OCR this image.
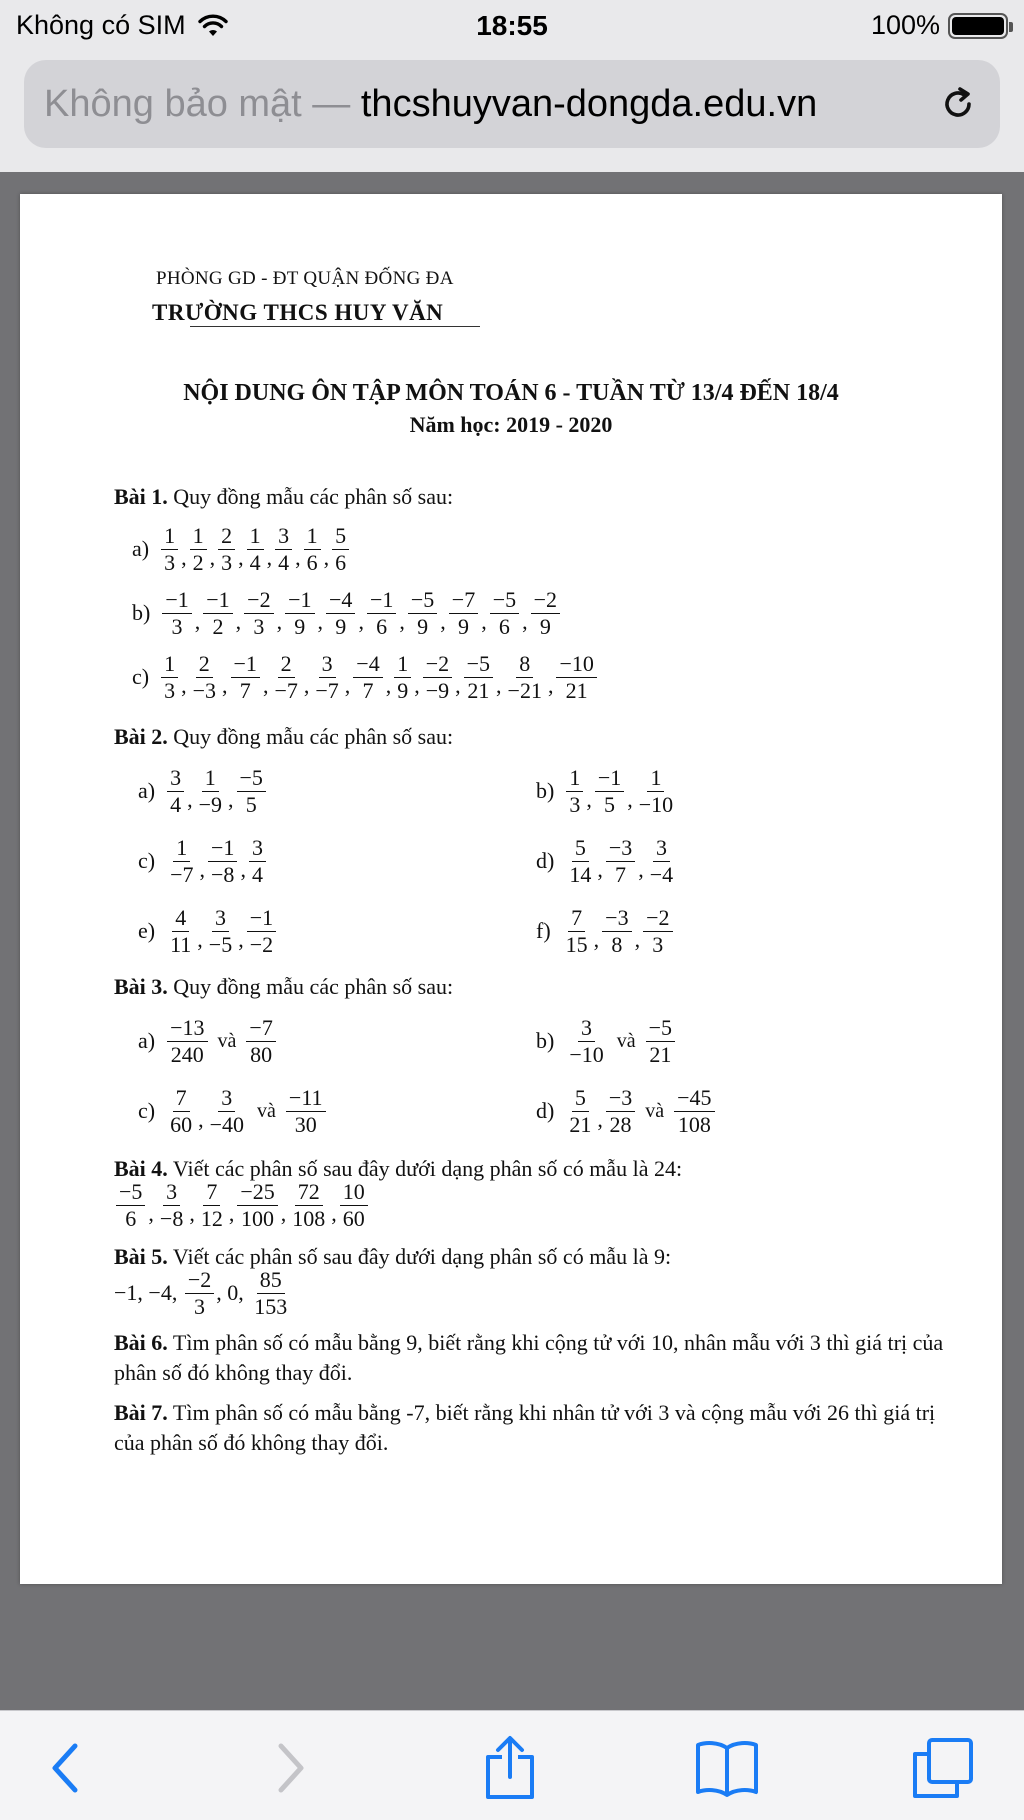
Không có SIM	18:55	100%
Không bảo mật — thcshuyvan-dongda.edu.vn
PHÒNG GD - ĐT QUẬN ĐỐNG ĐA
TRƯỜNG THCS HUY VĂN
NỘI DUNG ÔN TẬP MÔN TOÁN 6 - TUẦN TỪ 13/4 ĐẾN 18/4
Năm học: 2019 - 2020
Bài 1. Quy đồng mẫu các phân số sau:
a)
1
3 ,
1
2 ,
2
3 ,
1
4 ,
3
4 ,
1
6 ,
5
6
b)
−1
3 ,
−1
2 ,
−2
3 ,
−1
9 ,
−4
9 ,
−1
6 ,
−5
9 ,
−7
9 ,
−5
6 ,
−2
9
c)
1
3 ,
2
−3 ,
−1
7 ,
2
−7 ,
3
−7 ,
−4
7 ,
1
9 ,
−2
−9 ,
−5
21 ,
8
−21 ,
−10
21
Bài 2. Quy đồng mẫu các phân số sau:
a)
3
4 ,
1
−9 ,
−5
5
b)
1
3 ,
−1
5 ,
1
−10
c)
1
−7 ,
−1
−8 ,
3
4
d)
5
14 ,
−3
7 ,
3
−4
e)
4
11 ,
3
−5 ,
−1
−2
f)
7
15 ,
−3
8 ,
−2
3
Bài 3. Quy đồng mẫu các phân số sau:
a)
−13
240
và
−7
80
b)
3
−10
và
−5
21
c)
7
60 ,
3
−40
và
−11
30
d)
5
21 ,
−3
28
và
−45
108
Bài 4. Viết các phân số sau đây dưới dạng phân số có mẫu là 24:
−5
6 ,
3
−8 ,
7
12 ,
−25
100 ,
72
108 ,
10
60
Bài 5. Viết các phân số sau đây dưới dạng phân số có mẫu là 9:
−1, −4,
−2
3
, 0,
85
153
Bài 6. Tìm phân số có mẫu bằng 9, biết rằng khi cộng tử với 10, nhân mẫu với 3 thì giá trị của phân số đó không thay đổi.
Bài 7. Tìm phân số có mẫu bằng -7, biết rằng khi nhân tử với 3 và cộng mẫu với 26 thì giá trị của phân số đó không thay đổi.
